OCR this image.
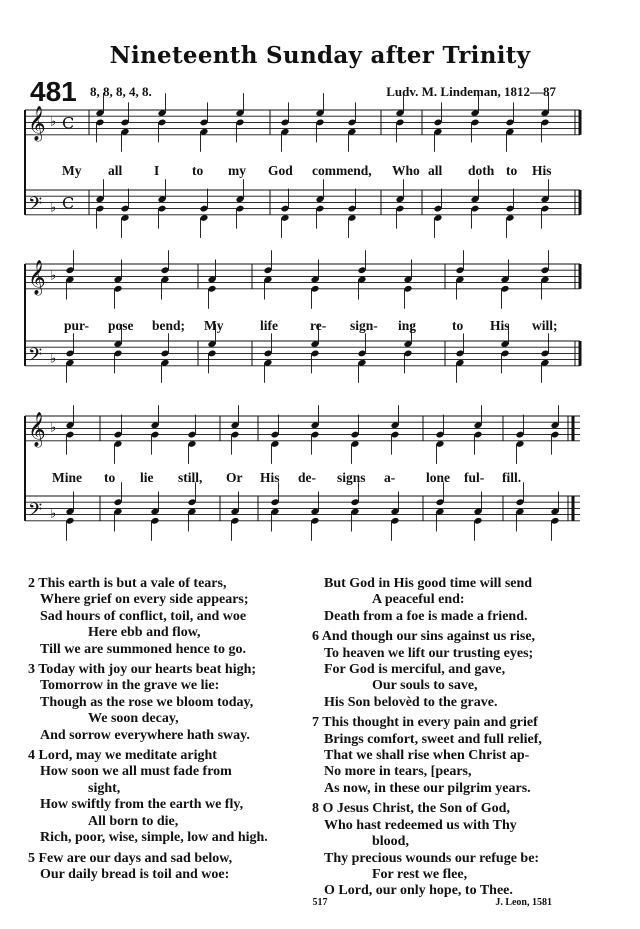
Nineteenth Sunday after Trinity
481 8, 8, 8, 4, 8.	Ludv. M. Lindeman, 1812—87
𝄞 ♭ C
𝄢 ♭ C
𝄞 ♭
𝄢 ♭
𝄞 ♭
𝄢 ♭
My all I to my God commend, Who all doth to His
pur- pose bend; My	life re- sign- ing	to His will;
Mine to lie still, Or His de- signs a- lone ful- fill.
2 This earth is but a vale of tears,
Where grief on every side appears;
Sad hours of conflict, toil, and woe
Here ebb and flow,
Till we are summoned hence to go.
3 Today with joy our hearts beat high;
Tomorrow in the grave we lie:
Though as the rose we bloom today,
We soon decay,
And sorrow everywhere hath sway.
4 Lord, may we meditate aright
How soon we all must fade from
sight,
How swiftly from the earth we fly,
All born to die,
Rich, poor, wise, simple, low and high.
5 Few are our days and sad below,
Our daily bread is toil and woe:
But God in His good time will send
A peaceful end:
Death from a foe is made a friend.
6 And though our sins against us rise,
To heaven we lift our trusting eyes;
For God is merciful, and gave,
Our souls to save,
His Son belovèd to the grave.
7 This thought in every pain and grief
Brings comfort, sweet and full relief,
That we shall rise when Christ ap-
No more in tears, [pears,
As now, in these our pilgrim years.
8 O Jesus Christ, the Son of God,
Who hast redeemed us with Thy
blood,
Thy precious wounds our refuge be:
For rest we flee,
O Lord, our only hope, to Thee.
517	J. Leon, 1581
